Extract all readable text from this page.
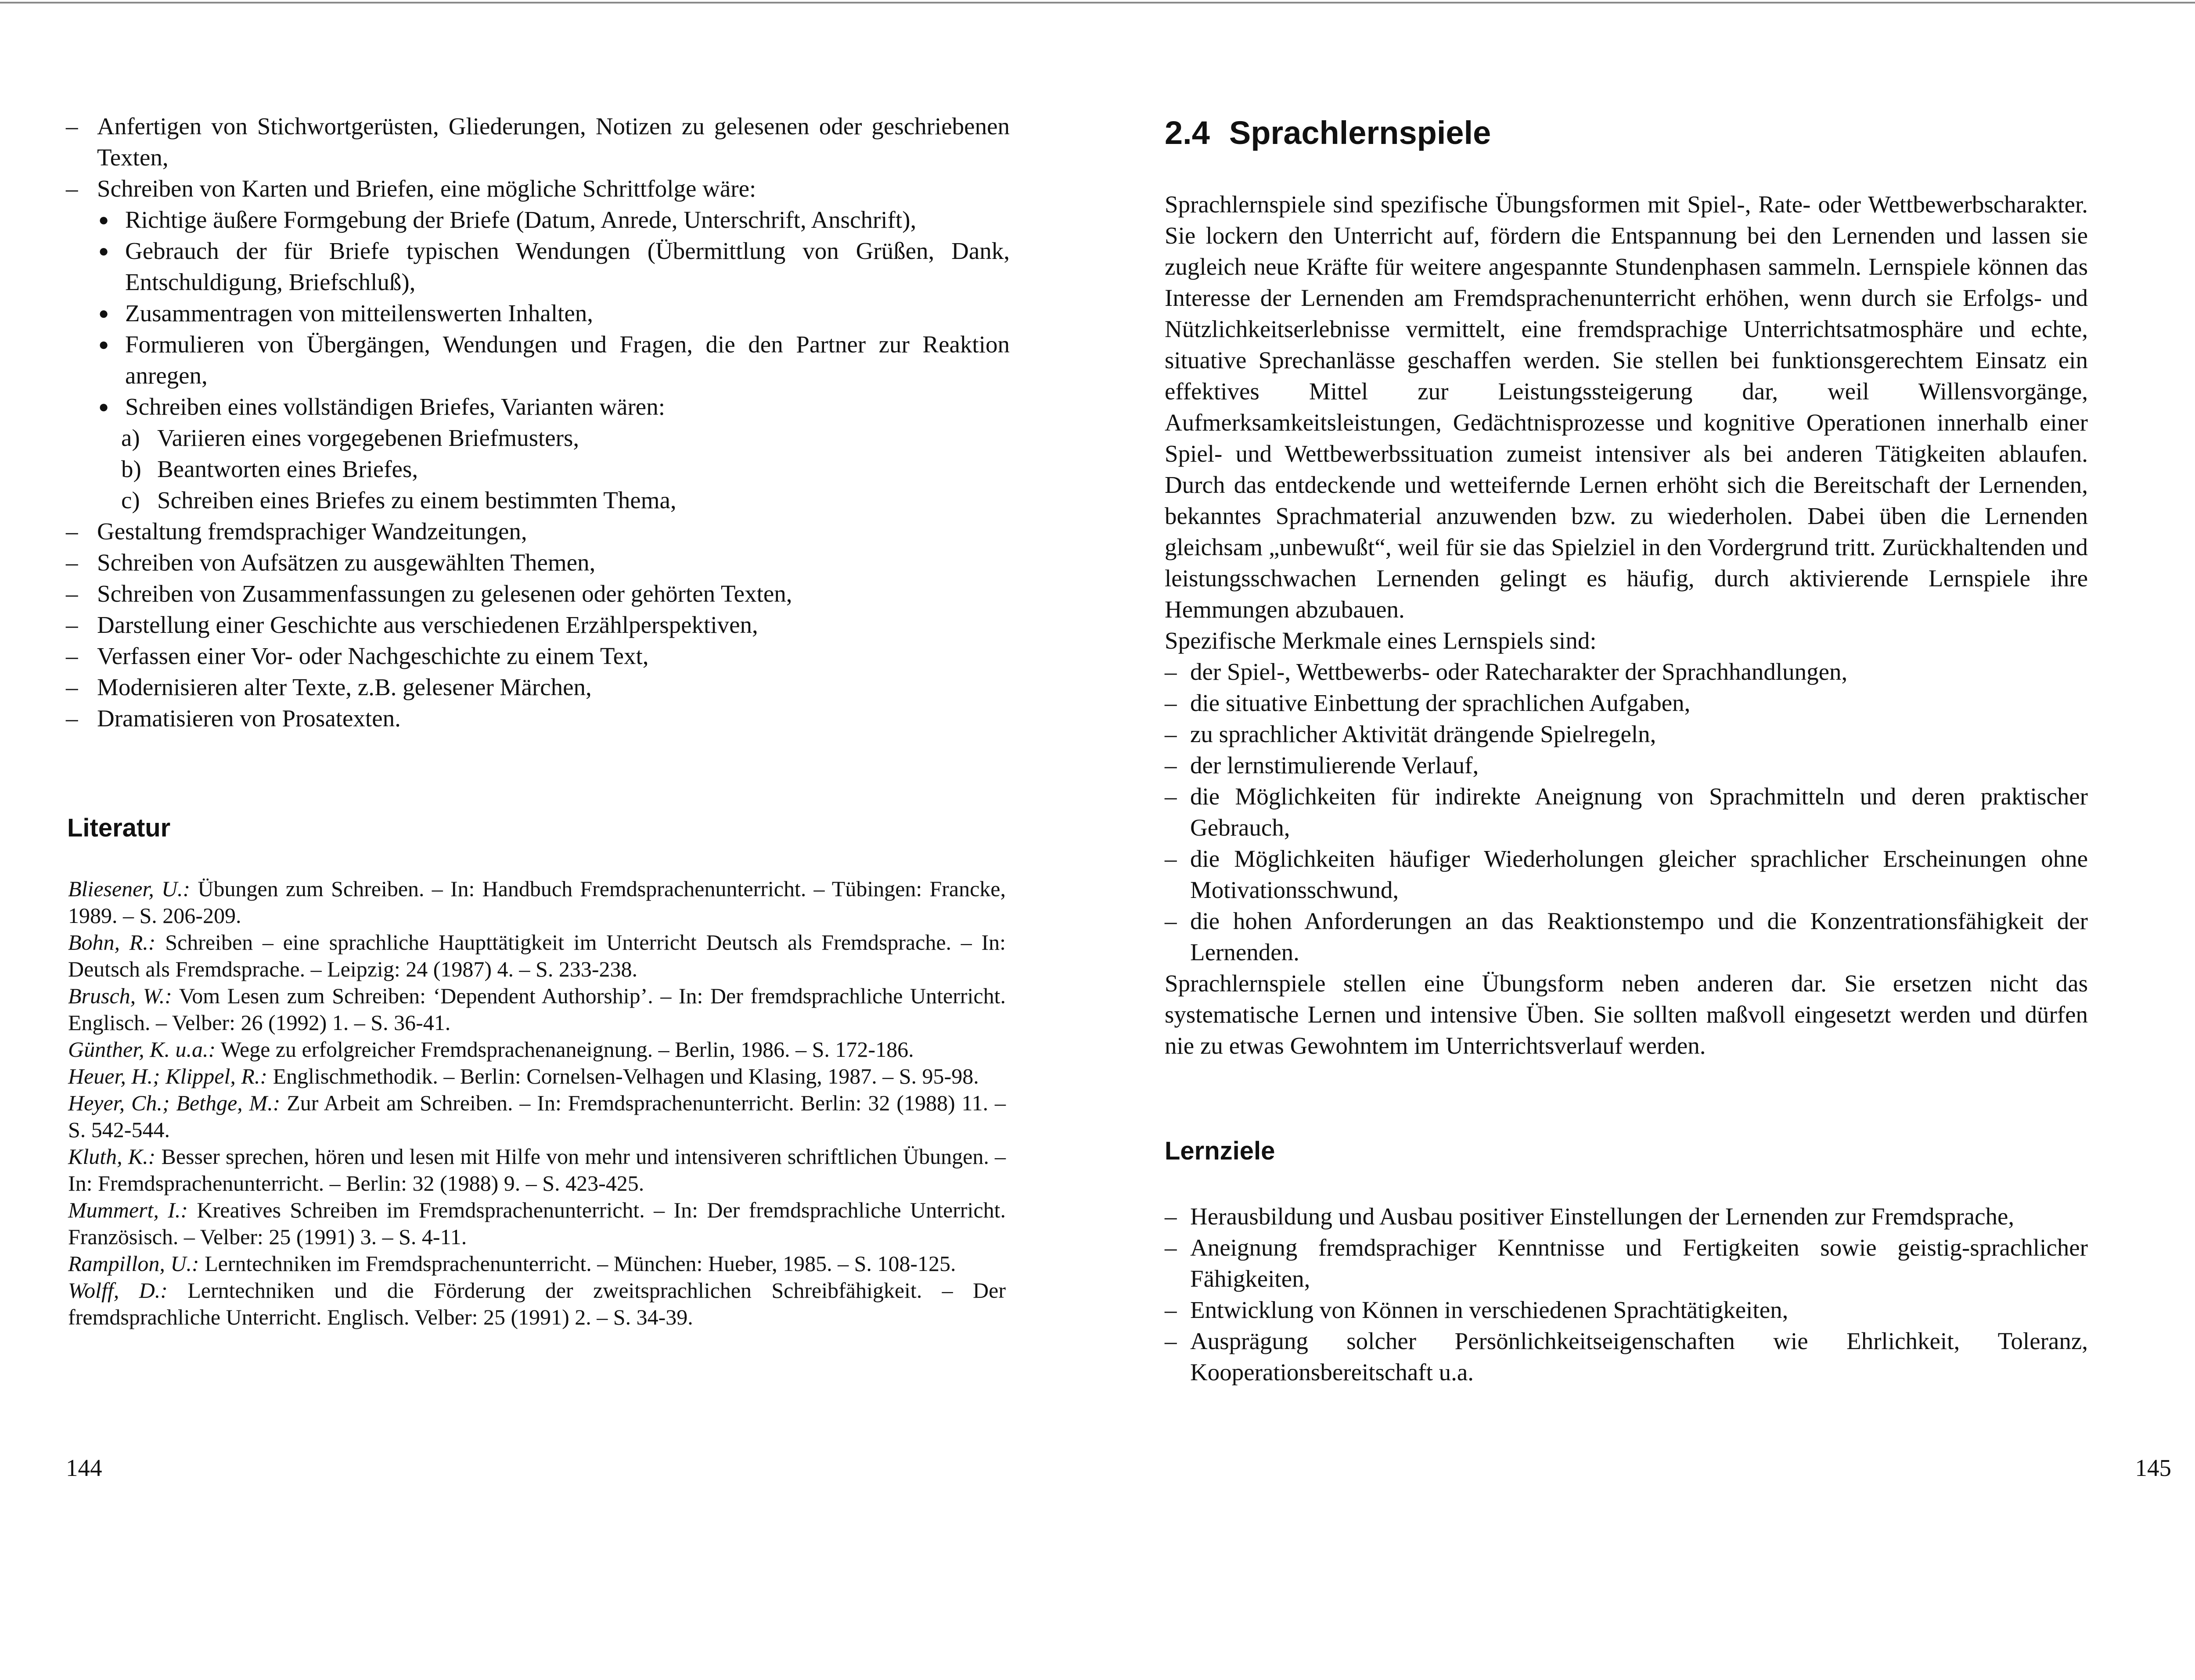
– Anfertigen von Stichwortgerüsten, Gliederungen, Notizen zu gelesenen oder geschriebenen Texten,
– Schreiben von Karten und Briefen, eine mögliche Schrittfolge wäre:
● Richtige äußere Formgebung der Briefe (Datum, Anrede, Unterschrift, Anschrift),
● Gebrauch der für Briefe typischen Wendungen (Übermittlung von Grüßen, Dank, Entschuldigung, Briefschluß),
● Zusammentragen von mitteilenswerten Inhalten,
● Formulieren von Übergängen, Wendungen und Fragen, die den Partner zur Reaktion anregen,
● Schreiben eines vollständigen Briefes, Varianten wären:
a) Variieren eines vorgegebenen Briefmusters,
b) Beantworten eines Briefes,
c) Schreiben eines Briefes zu einem bestimmten Thema,
– Gestaltung fremdsprachiger Wandzeitungen,
– Schreiben von Aufsätzen zu ausgewählten Themen,
– Schreiben von Zusammenfassungen zu gelesenen oder gehörten Texten,
– Darstellung einer Geschichte aus verschiedenen Erzählperspektiven,
– Verfassen einer Vor- oder Nachgeschichte zu einem Text,
– Modernisieren alter Texte, z.B. gelesener Märchen,
– Dramatisieren von Prosatexten.
Literatur
Bliesener, U.: Übungen zum Schreiben. – In: Handbuch Fremdsprachenunterricht. – Tübingen: Francke, 1989. – S. 206-209.
Bohn, R.: Schreiben – eine sprachliche Haupttätigkeit im Unterricht Deutsch als Fremdsprache. – In: Deutsch als Fremdsprache. – Leipzig: 24 (1987) 4. – S. 233-238.
Brusch, W.: Vom Lesen zum Schreiben: ‘Dependent Authorship’. – In: Der fremdsprachliche Unterricht. Englisch. – Velber: 26 (1992) 1. – S. 36-41.
Günther, K. u.a.: Wege zu erfolgreicher Fremdsprachenaneignung. – Berlin, 1986. – S. 172-186.
Heuer, H.; Klippel, R.: Englischmethodik. – Berlin: Cornelsen-Velhagen und Klasing, 1987. – S. 95-98.
Heyer, Ch.; Bethge, M.: Zur Arbeit am Schreiben. – In: Fremdsprachenunterricht. Berlin: 32 (1988) 11. – S. 542-544.
Kluth, K.: Besser sprechen, hören und lesen mit Hilfe von mehr und intensiveren schriftlichen Übungen. – In: Fremdsprachenunterricht. – Berlin: 32 (1988) 9. – S. 423-425.
Mummert, I.: Kreatives Schreiben im Fremdsprachenunterricht. – In: Der fremdsprachliche Unterricht. Französisch. – Velber: 25 (1991) 3. – S. 4-11.
Rampillon, U.: Lerntechniken im Fremdsprachenunterricht. – München: Hueber, 1985. – S. 108-125.
Wolff, D.: Lerntechniken und die Förderung der zweitsprachlichen Schreibfähigkeit. – Der fremdsprachliche Unterricht. Englisch. Velber: 25 (1991) 2. – S. 34-39.
144
2.4 Sprachlernspiele

Sprachlernspiele sind spezifische Übungsformen mit Spiel-, Rate- oder Wettbewerbscharakter. Sie lockern den Unterricht auf, fördern die Entspannung bei den Lernenden und lassen sie zugleich neue Kräfte für weitere angespannte Stundenphasen sammeln. Lernspiele können das Interesse der Lernenden am Fremdsprachenunterricht erhöhen, wenn durch sie Erfolgs- und Nützlichkeitserlebnisse vermittelt, eine fremdsprachige Unterrichtsatmosphäre und echte, situative Sprechanlässe geschaffen werden. Sie stellen bei funktionsgerechtem Einsatz ein effektives Mittel zur Leistungssteigerung dar, weil Willensvorgänge, Aufmerksamkeitsleistungen, Gedächtnisprozesse und kognitive Operationen innerhalb einer Spiel- und Wettbewerbssituation zumeist intensiver als bei anderen Tätigkeiten ablaufen. Durch das entdeckende und wetteifernde Lernen erhöht sich die Bereitschaft der Lernenden, bekanntes Sprachmaterial anzuwenden bzw. zu wiederholen. Dabei üben die Lernenden gleichsam „unbewußt“, weil für sie das Spielziel in den Vordergrund tritt. Zurückhaltenden und leistungsschwachen Lernenden gelingt es häufig, durch aktivierende Lernspiele ihre Hemmungen abzubauen.

Spezifische Merkmale eines Lernspiels sind:

– der Spiel-, Wettbewerbs- oder Ratecharakter der Sprachhandlungen,
– die situative Einbettung der sprachlichen Aufgaben,
– zu sprachlicher Aktivität drängende Spielregeln,
– der lernstimulierende Verlauf,
– die Möglichkeiten für indirekte Aneignung von Sprachmitteln und deren praktischer Gebrauch,
– die Möglichkeiten häufiger Wiederholungen gleicher sprachlicher Erscheinungen ohne Motivationsschwund,
– die hohen Anforderungen an das Reaktionstempo und die Konzentrationsfähigkeit der Lernenden.

Sprachlernspiele stellen eine Übungsform neben anderen dar. Sie ersetzen nicht das systematische Lernen und intensive Üben. Sie sollten maßvoll eingesetzt werden und dürfen nie zu etwas Gewohntem im Unterrichtsverlauf werden.

Lernziele
– Herausbildung und Ausbau positiver Einstellungen der Lernenden zur Fremdsprache,
– Aneignung fremdsprachiger Kenntnisse und Fertigkeiten sowie geistig-sprachlicher Fähigkeiten,
– Entwicklung von Können in verschiedenen Sprachtätigkeiten,
– Ausprägung solcher Persönlichkeitseigenschaften wie Ehrlichkeit, Toleranz, Kooperationsbereitschaft u.a.
145
